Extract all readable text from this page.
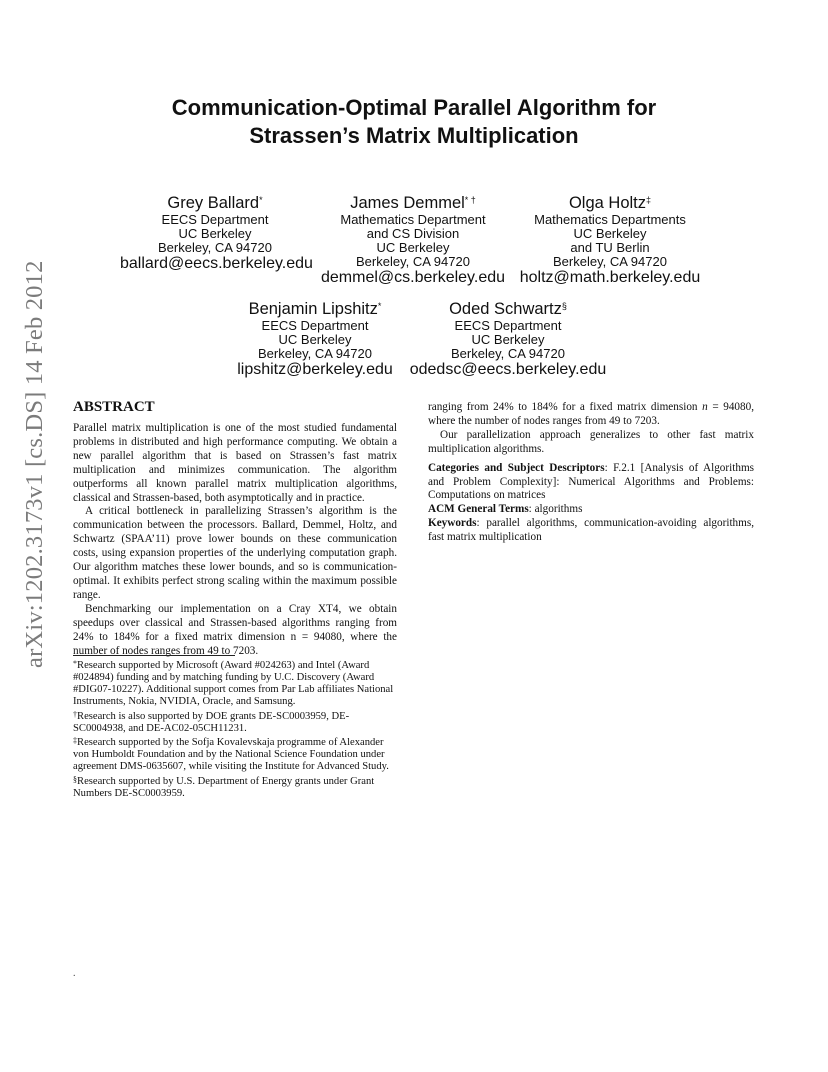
arXiv:1202.3173v1 [cs.DS] 14 Feb 2012
Communication-Optimal Parallel Algorithm for
Strassen’s Matrix Multiplication
Grey Ballard*
EECS Department
UC Berkeley
Berkeley, CA 94720
ballard@eecs.berkeley.edu
James Demmel* †
Mathematics Department
and CS Division
UC Berkeley
Berkeley, CA 94720
demmel@cs.berkeley.edu
Olga Holtz‡
Mathematics Departments
UC Berkeley
and TU Berlin
Berkeley, CA 94720
holtz@math.berkeley.edu
Benjamin Lipshitz*
EECS Department
UC Berkeley
Berkeley, CA 94720
lipshitz@berkeley.edu
Oded Schwartz§
EECS Department
UC Berkeley
Berkeley, CA 94720
odedsc@eecs.berkeley.edu
ABSTRACT

Parallel matrix multiplication is one of the most studied fundamental problems in distributed and high performance computing. We obtain a new parallel algorithm that is based on Strassen’s fast matrix multiplication and minimizes communication. The algorithm outperforms all known parallel matrix multiplication algorithms, classical and Strassen-based, both asymptotically and in practice.

A critical bottleneck in parallelizing Strassen’s algorithm is the communication between the processors. Ballard, Demmel, Holtz, and Schwartz (SPAA’11) prove lower bounds on these communication costs, using expansion properties of the underlying computation graph. Our algorithm matches these lower bounds, and so is communication-optimal. It exhibits perfect strong scaling within the maximum possible range.

Benchmarking our implementation on a Cray XT4, we obtain speedups over classical and Strassen-based algorithms ranging from 24% to 184% for a fixed matrix dimension n = 94080, where the number of nodes ranges from 49 to 7203.

ranging from 24% to 184% for a fixed matrix dimension n = 94080, where the number of nodes ranges from 49 to 7203.

Our parallelization approach generalizes to other fast matrix multiplication algorithms.

Categories and Subject Descriptors: F.2.1 [Analysis of Algorithms and Problem Complexity]: Numerical Algorithms and Problems: Computations on matrices

ACM General Terms: algorithms

Keywords: parallel algorithms, communication-avoiding algorithms, fast matrix multiplication

*Research supported by Microsoft (Award #024263) and Intel (Award #024894) funding and by matching funding by U.C. Discovery (Award #DIG07-10227). Additional support comes from Par Lab affiliates National Instruments, Nokia, NVIDIA, Oracle, and Samsung.

†Research is also supported by DOE grants DE-SC0003959, DE-SC0004938, and DE-AC02-05CH11231.

‡Research supported by the Sofja Kovalevskaja programme of Alexander von Humboldt Foundation and by the National Science Foundation under agreement DMS-0635607, while visiting the Institute for Advanced Study.

§Research supported by U.S. Department of Energy grants under Grant Numbers DE-SC0003959.

.
